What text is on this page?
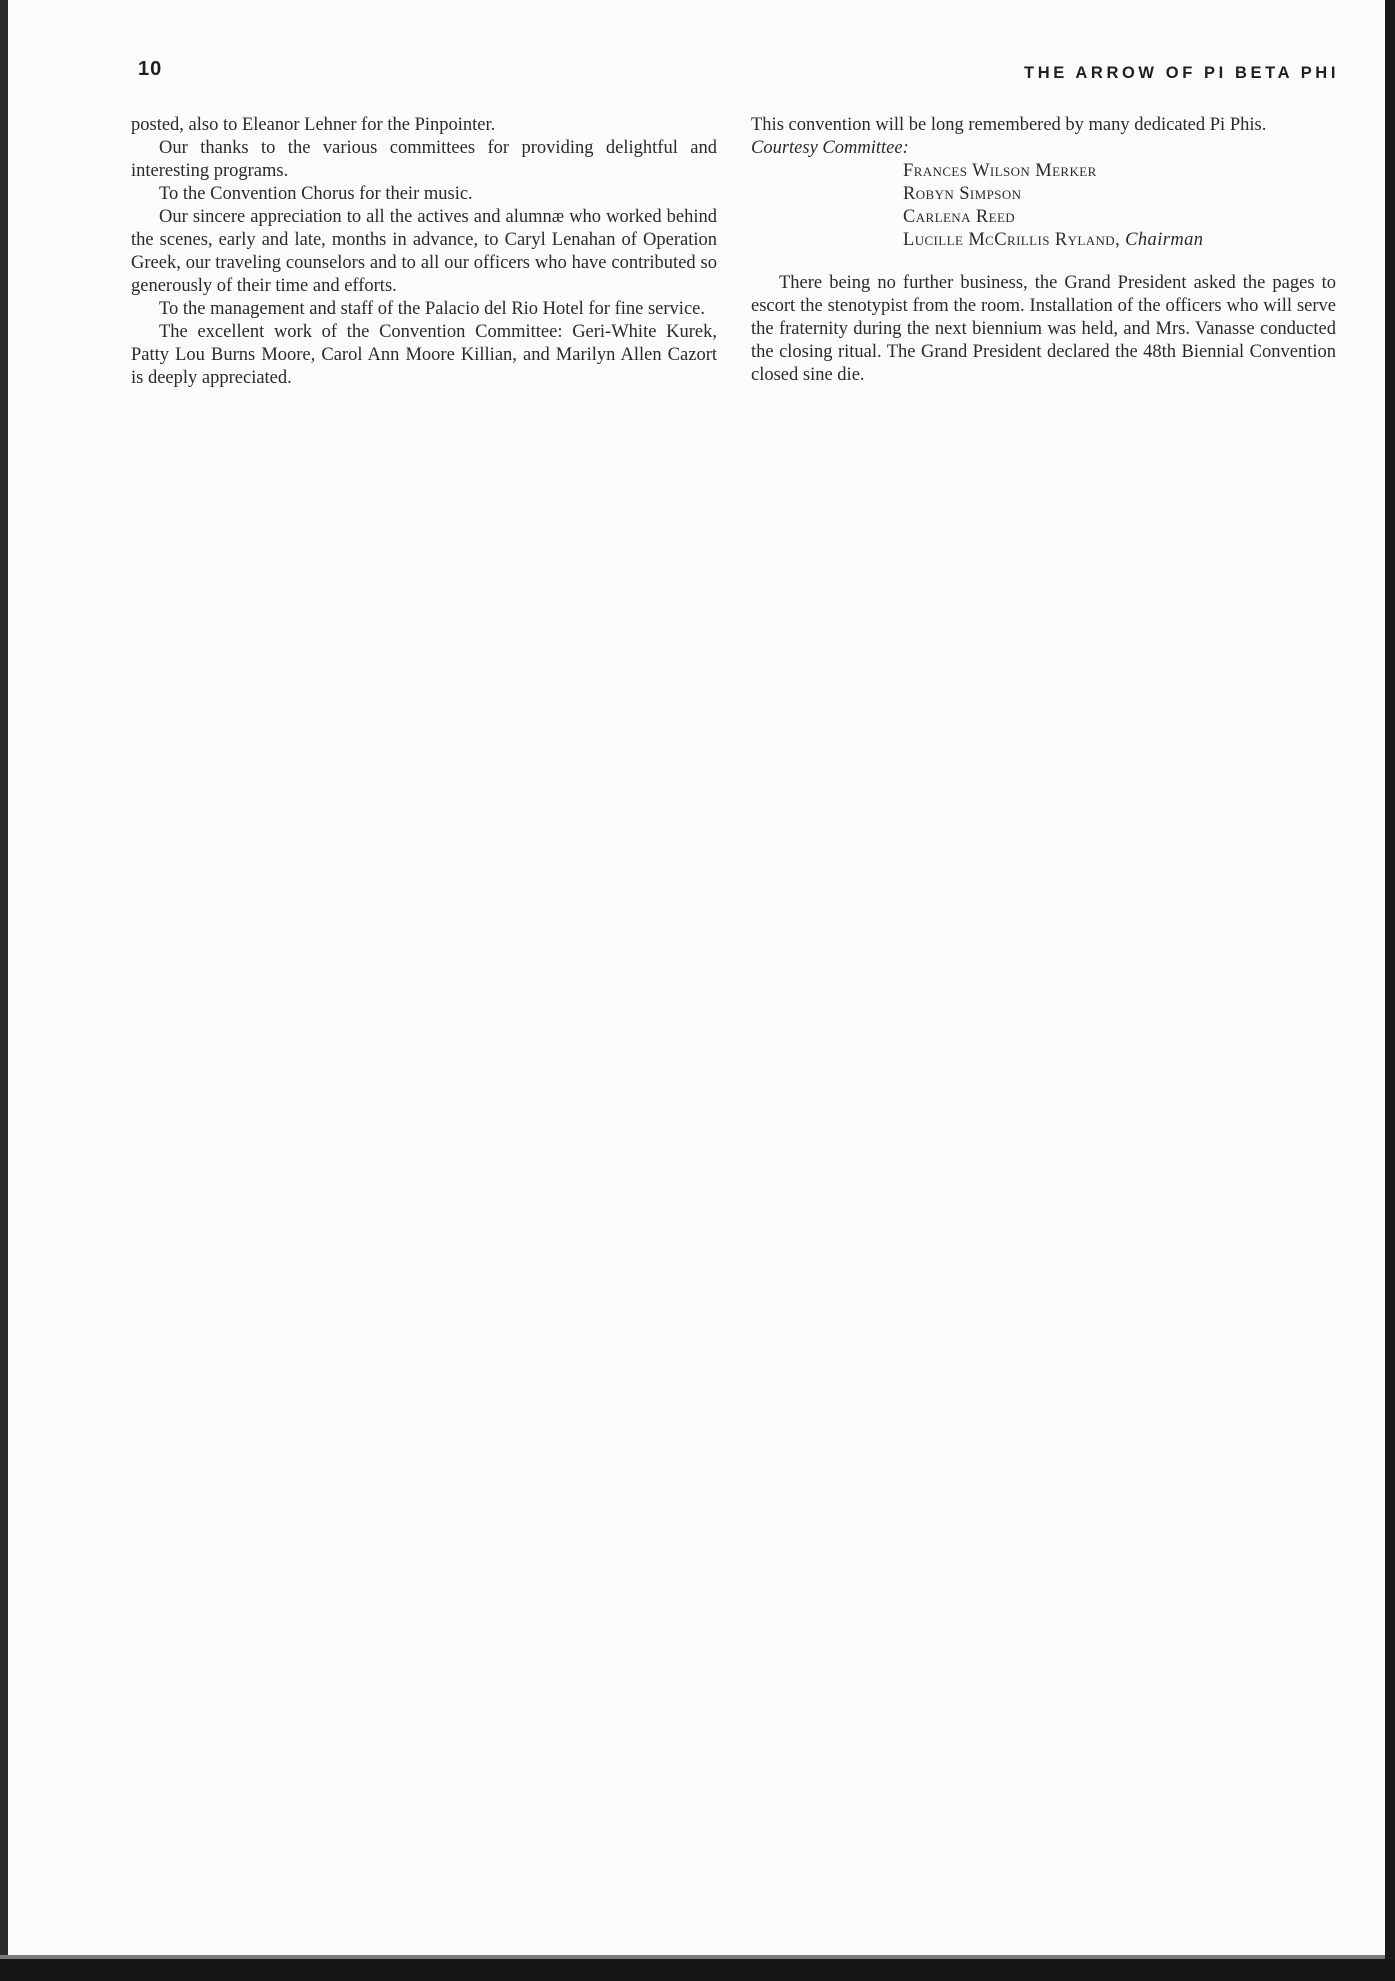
10	THE ARROW OF PI BETA PHI

posted, also to Eleanor Lehner for the Pinpointer.

Our thanks to the various committees for providing delightful and interesting programs.

To the Convention Chorus for their music.

Our sincere appreciation to all the actives and alumnæ who worked behind the scenes, early and late, months in advance, to Caryl Lenahan of Operation Greek, our traveling counselors and to all our officers who have contributed so generously of their time and efforts.

To the management and staff of the Palacio del Rio Hotel for fine service.

The excellent work of the Convention Committee: Geri-White Kurek, Patty Lou Burns Moore, Carol Ann Moore Killian, and Marilyn Allen Cazort is deeply appreciated.

This convention will be long remembered by many dedicated Pi Phis.

Courtesy Committee:

Frances Wilson Merker
Robyn Simpson
Carlena Reed
Lucille McCrillis Ryland, Chairman

There being no further business, the Grand President asked the pages to escort the stenotypist from the room. Installation of the officers who will serve the fraternity during the next biennium was held, and Mrs. Vanasse conducted the closing ritual. The Grand President declared the 48th Biennial Convention closed sine die.
